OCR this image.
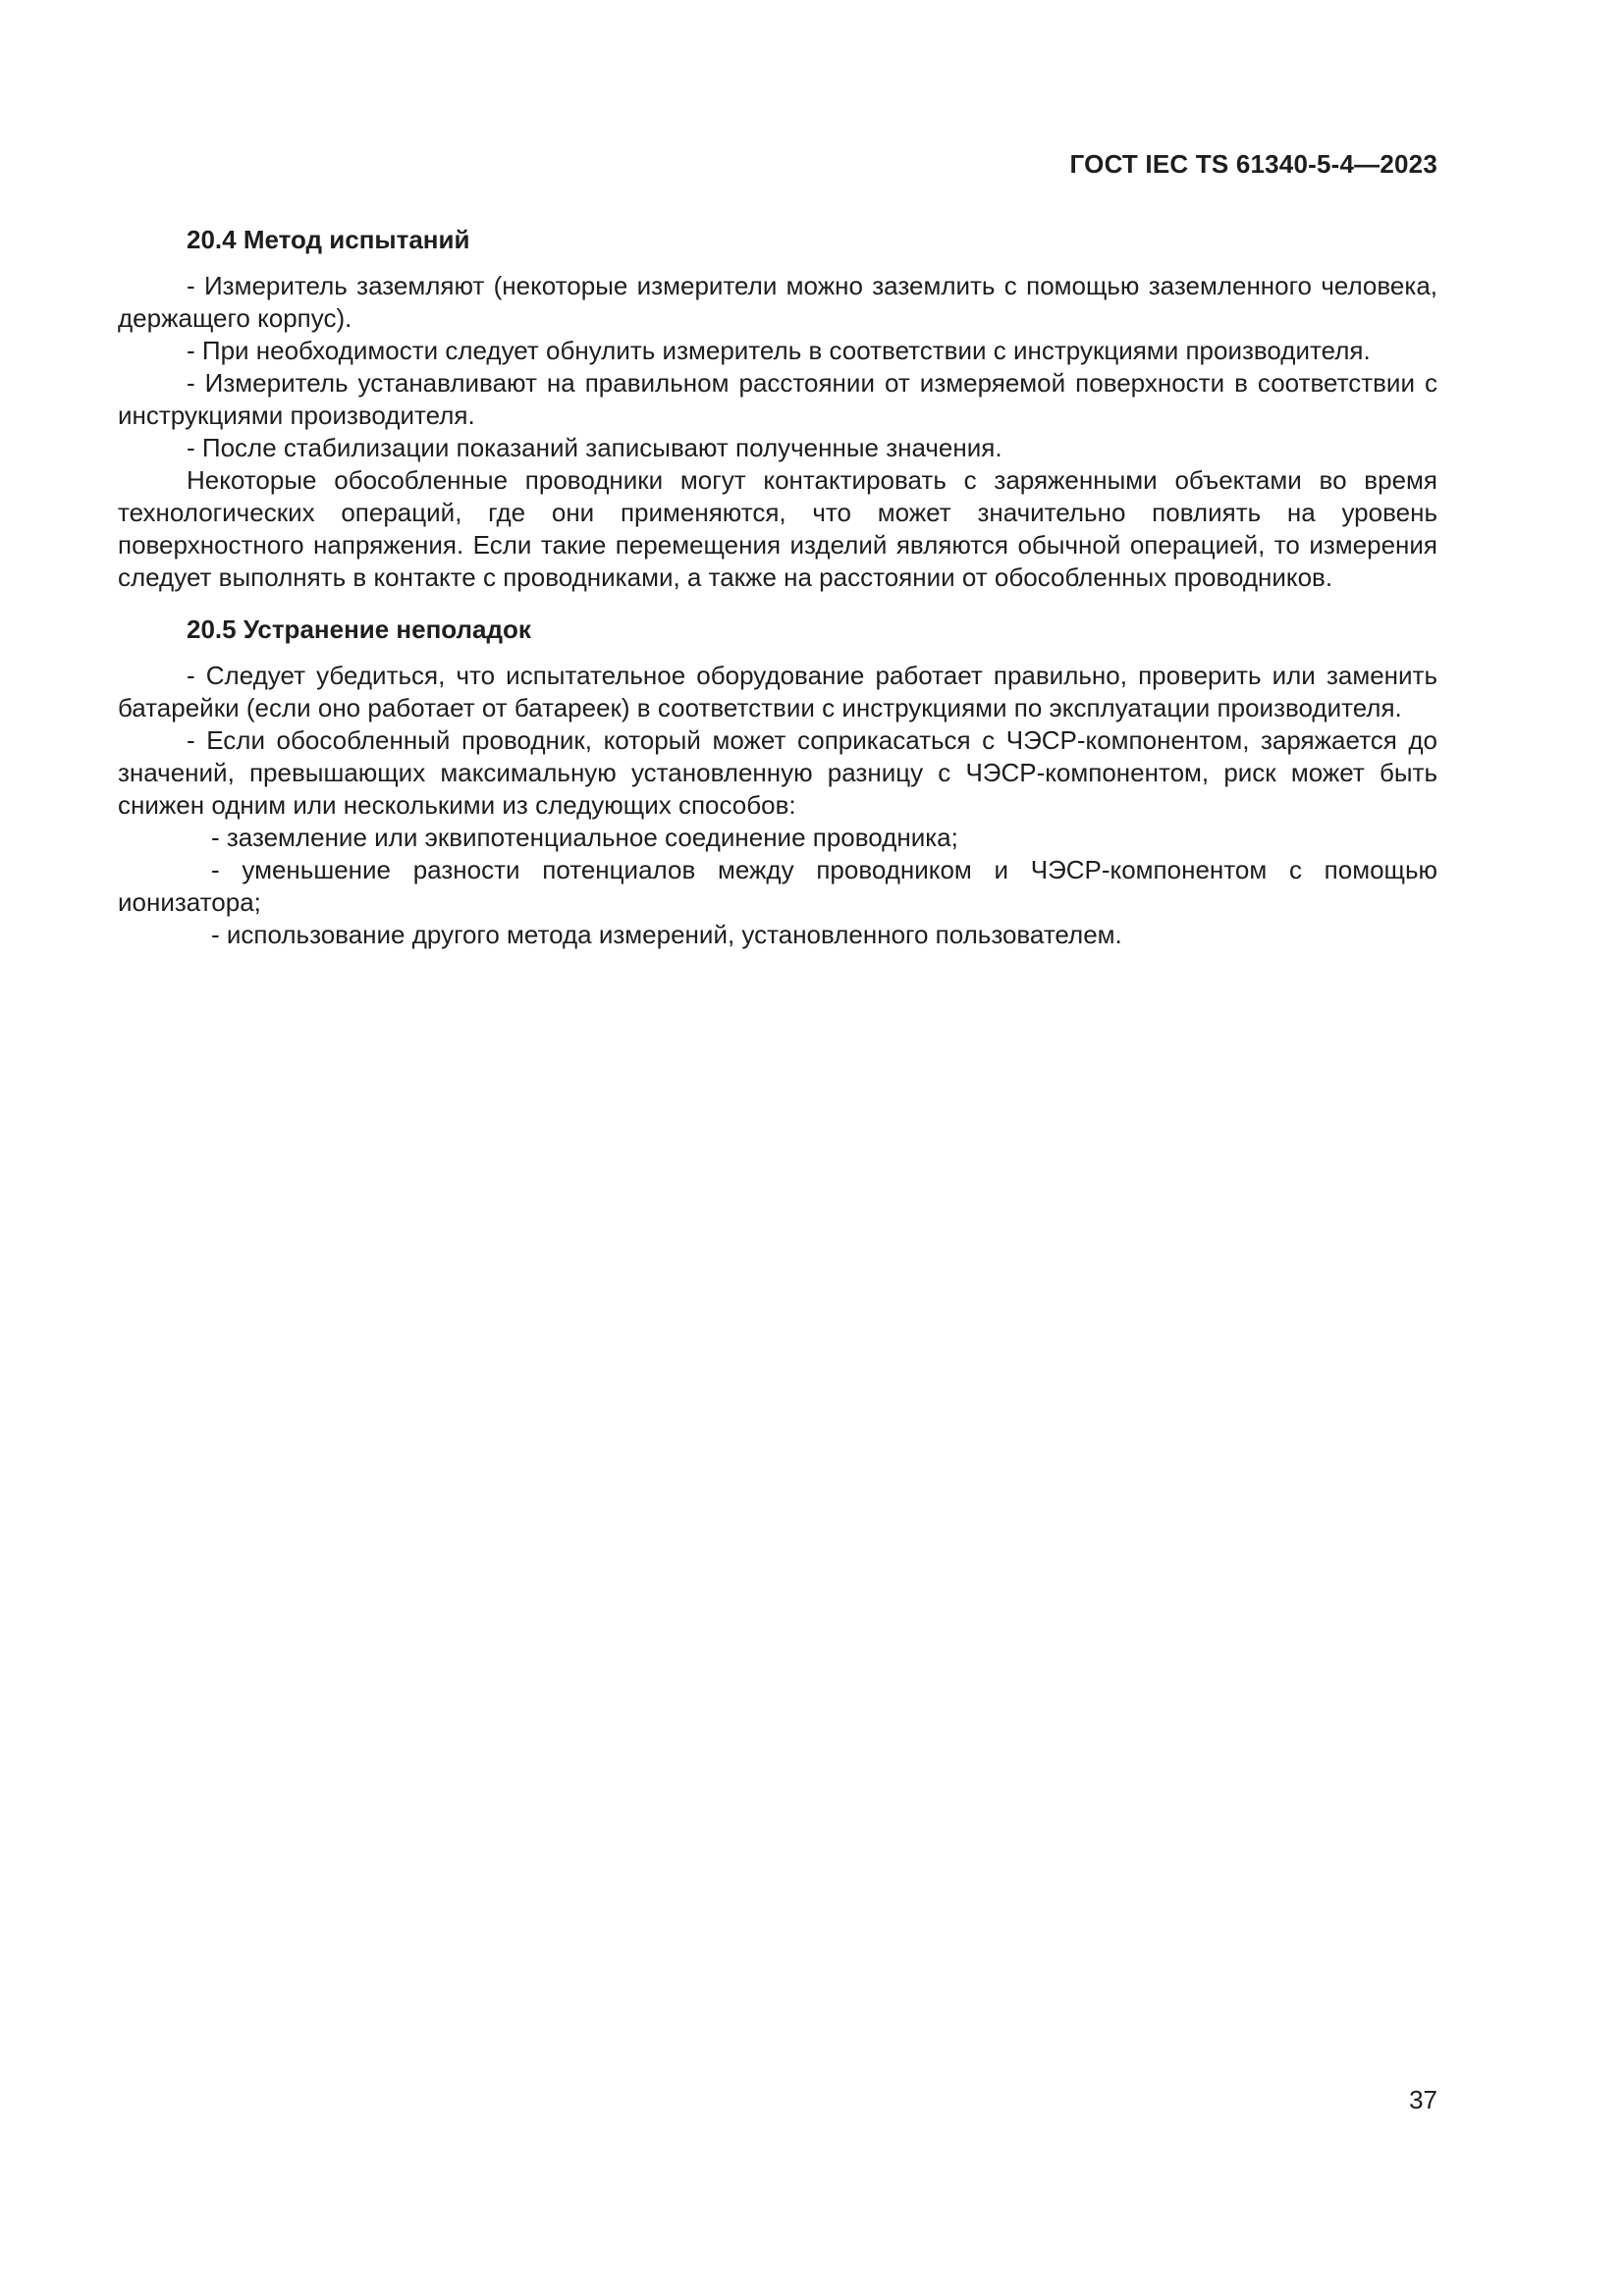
ГОСТ IEC TS 61340-5-4—2023
20.4 Метод испытаний

- Измеритель заземляют (некоторые измерители можно заземлить с помощью заземленного человека, держащего корпус).

- При необходимости следует обнулить измеритель в соответствии с инструкциями производителя.

- Измеритель устанавливают на правильном расстоянии от измеряемой поверхности в соответствии с инструкциями производителя.

- После стабилизации показаний записывают полученные значения.

Некоторые обособленные проводники могут контактировать с заряженными объектами во время технологических операций, где они применяются, что может значительно повлиять на уровень поверхностного напряжения. Если такие перемещения изделий являются обычной операцией, то измерения следует выполнять в контакте с проводниками, а также на расстоянии от обособленных проводников.

20.5 Устранение неполадок

- Следует убедиться, что испытательное оборудование работает правильно, проверить или заменить батарейки (если оно работает от батареек) в соответствии с инструкциями по эксплуатации производителя.

- Если обособленный проводник, который может соприкасаться с ЧЭСР-компонентом, заряжается до значений, превышающих максимальную установленную разницу с ЧЭСР-компонентом, риск может быть снижен одним или несколькими из следующих способов:

- заземление или эквипотенциальное соединение проводника;

- уменьшение разности потенциалов между проводником и ЧЭСР-компонентом с помощью ионизатора;

- использование другого метода измерений, установленного пользователем.

37
